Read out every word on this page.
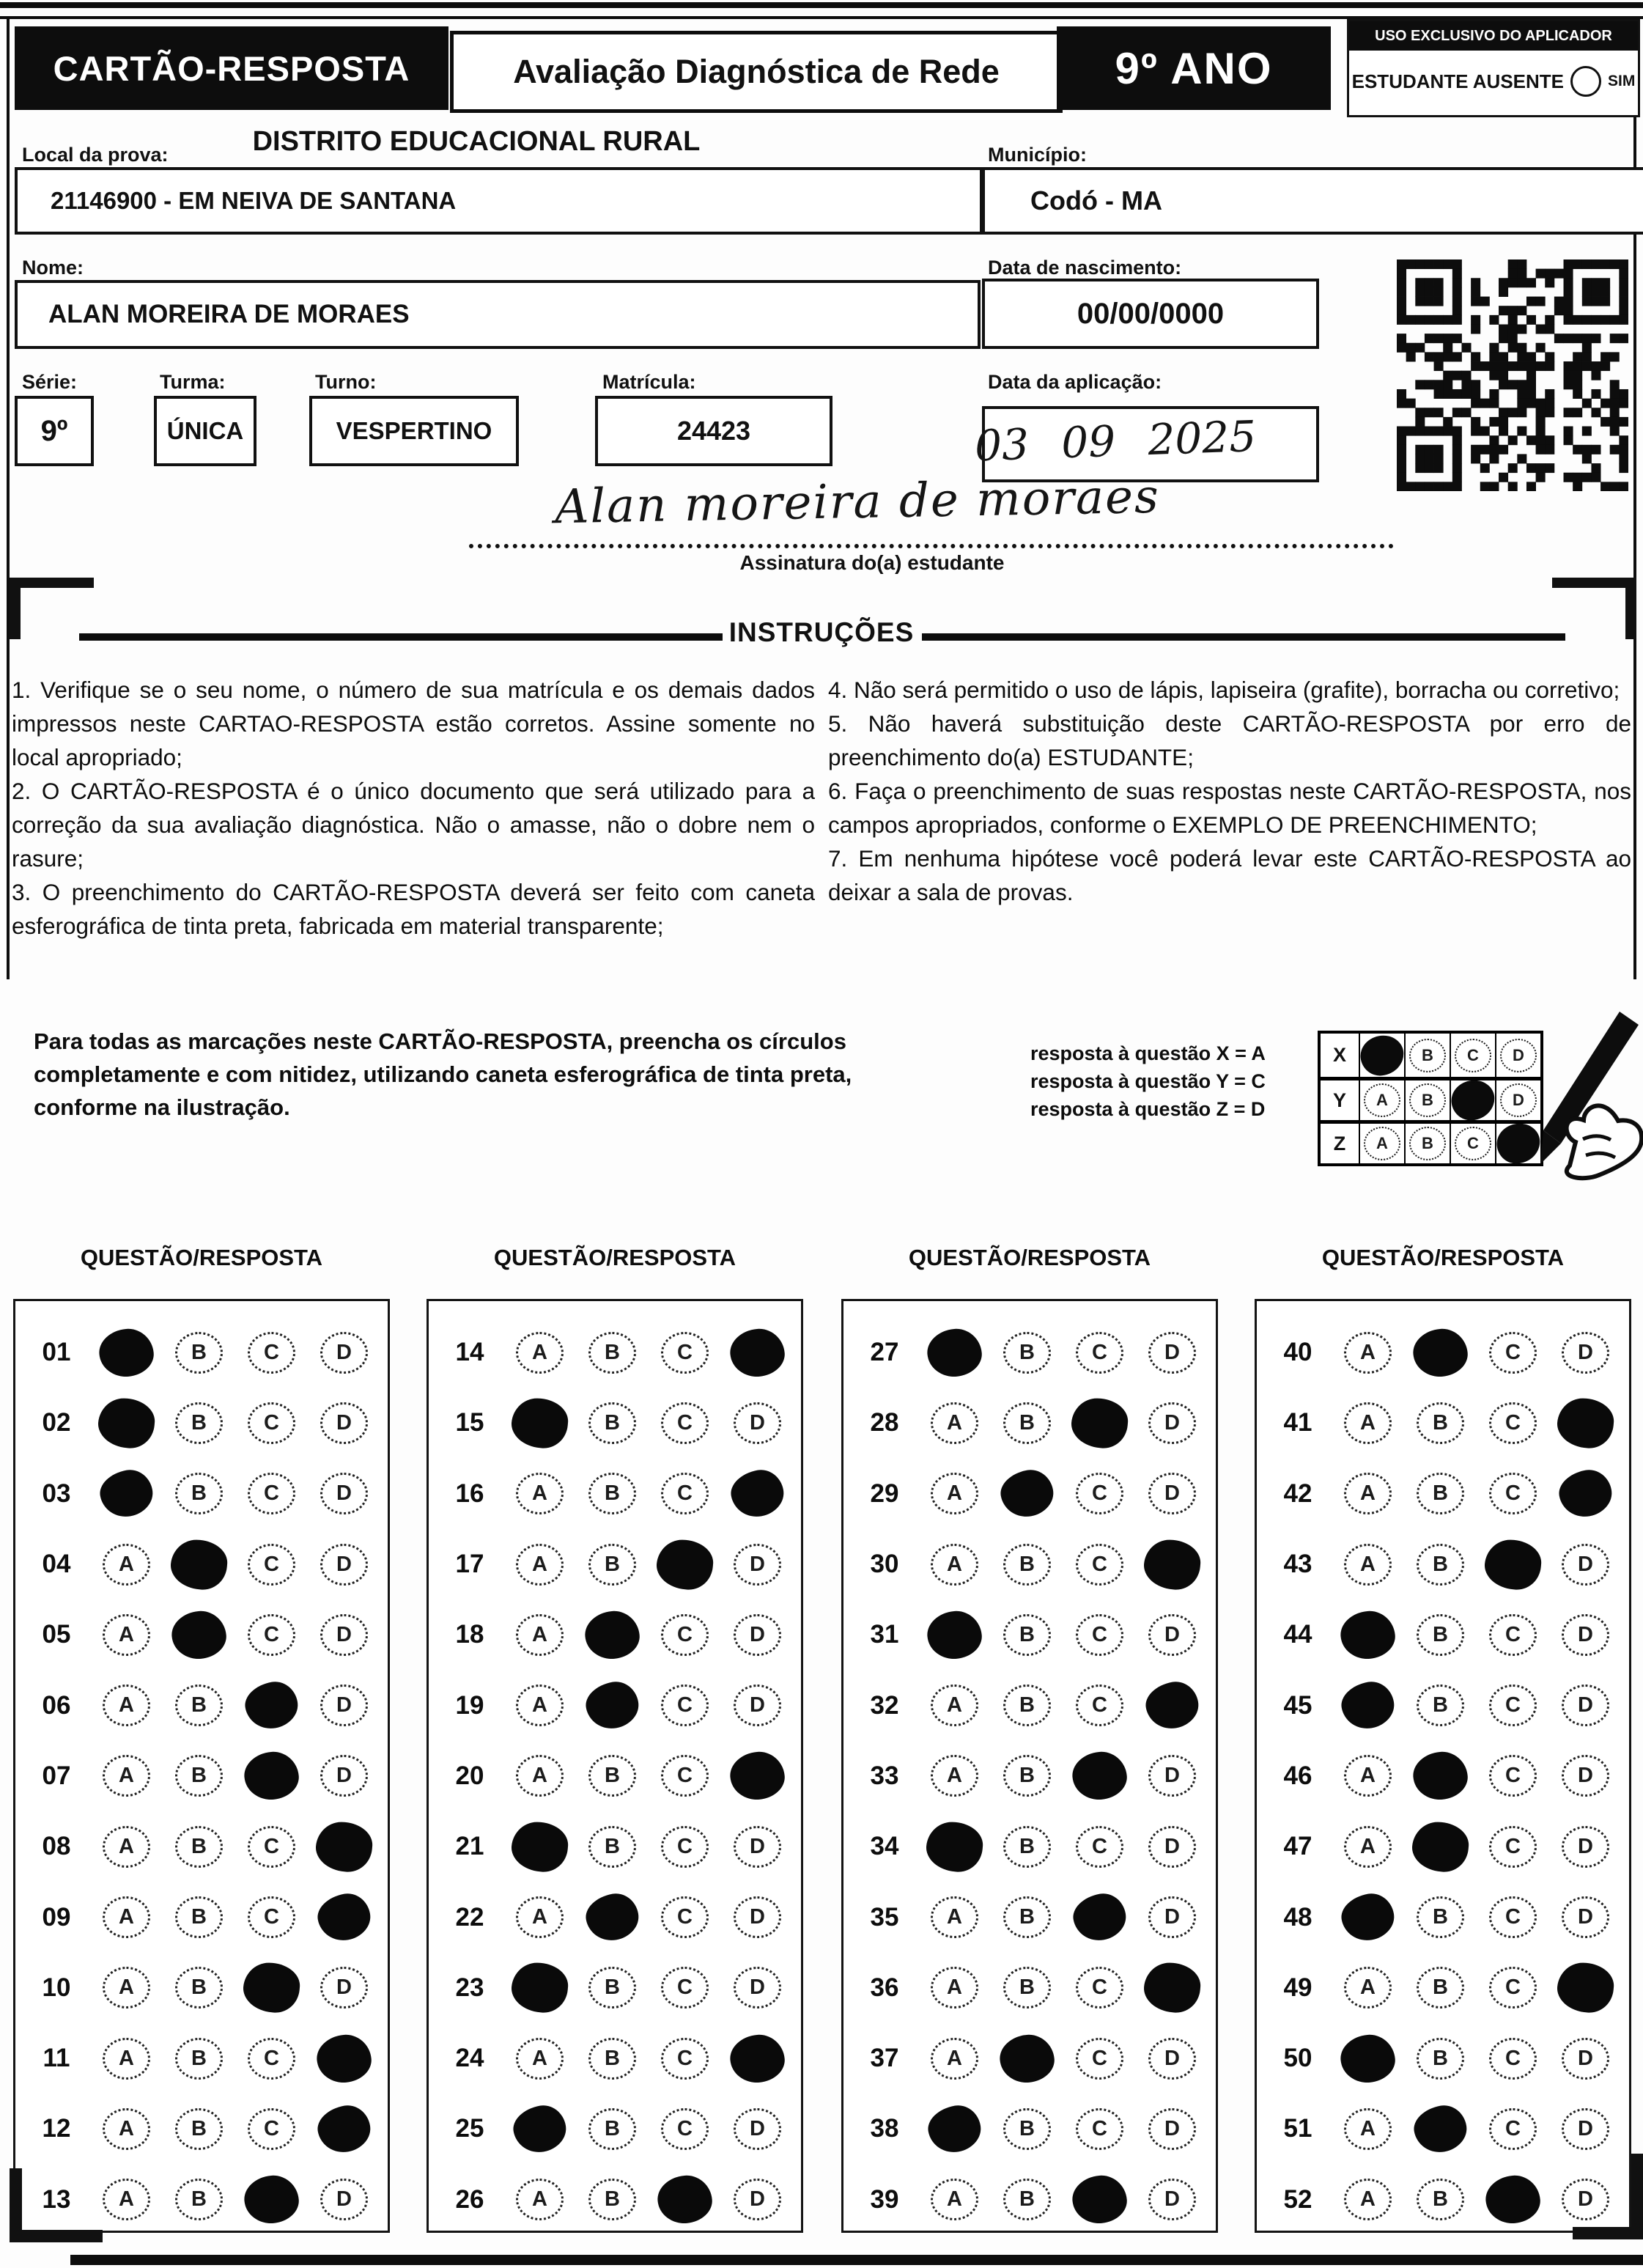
CARTÃO-RESPOSTA	Avaliação Diagnóstica de Rede	9º ANO
USO EXCLUSIVO DO APLICADOR
ESTUDANTE AUSENTE	SIM
Local da prova:	DISTRITO EDUCACIONAL RURAL
21146900 - EM NEIVA DE SANTANA
Município:
Codó - MA
Nome:
ALAN MOREIRA DE MORAES
Data de nascimento:
00/00/0000
Série:
9º
Turma:
ÚNICA
Turno:
VESPERTINO
Matrícula:
24423
Data da aplicação:
03 09 2025
Alan moreira de moraes
Assinatura do(a) estudante
INSTRUÇÕES

1. Verifique se o seu nome, o número de sua matrícula e os demais dados impressos neste CARTAO-RESPOSTA estão corretos. Assine somente no local apropriado;

2. O CARTÃO-RESPOSTA é o único documento que será utilizado para a correção da sua avaliação diagnóstica. Não o amasse, não o dobre nem o rasure;

3. O preenchimento do CARTÃO-RESPOSTA deverá ser feito com caneta esferográfica de tinta preta, fabricada em material transparente;

4. Não será permitido o uso de lápis, lapiseira (grafite), borracha ou corretivo;

5. Não haverá substituição deste CARTÃO-RESPOSTA por erro de preenchimento do(a) ESTUDANTE;

6. Faça o preenchimento de suas respostas neste CARTÃO-RESPOSTA, nos campos apropriados, conforme o EXEMPLO DE PREENCHIMENTO;

7. Em nenhuma hipótese você poderá levar este CARTÃO-RESPOSTA ao deixar a sala de provas.

Para todas as marcações neste CARTÃO-RESPOSTA, preencha os círculos completamente e com nitidez, utilizando caneta esferográfica de tinta preta, conforme na ilustração.
resposta à questão X = A
resposta à questão Y = C
resposta à questão Z = D
X	B	C	D
Y	A	B	D
Z	A	B	C
QUESTÃO/RESPOSTA	QUESTÃO/RESPOSTA	QUESTÃO/RESPOSTA	QUESTÃO/RESPOSTA
01	B	C	D
02	B	C	D
03	B	C	D
04	A	C	D
05	A	C	D
06	A	B	D
07	A	B	D
08	A	B	C
09	A	B	C
10	A	B	D
11	A	B	C
12	A	B	C
13	A	B	D
14	A	B	C
15	B	C	D
16	A	B	C
17	A	B	D
18	A	C	D
19	A	C	D
20	A	B	C
21	B	C	D
22	A	C	D
23	B	C	D
24	A	B	C
25	B	C	D
26	A	B	D
27	B	C	D
28	A	B	D
29	A	C	D
30	A	B	C
31	B	C	D
32	A	B	C
33	A	B	D
34	B	C	D
35	A	B	D
36	A	B	C
37	A	C	D
38	B	C	D
39	A	B	D
40	A	C	D
41	A	B	C
42	A	B	C
43	A	B	D
44	B	C	D
45	B	C	D
46	A	C	D
47	A	C	D
48	B	C	D
49	A	B	C
50	B	C	D
51	A	C	D
52	A	B	D
